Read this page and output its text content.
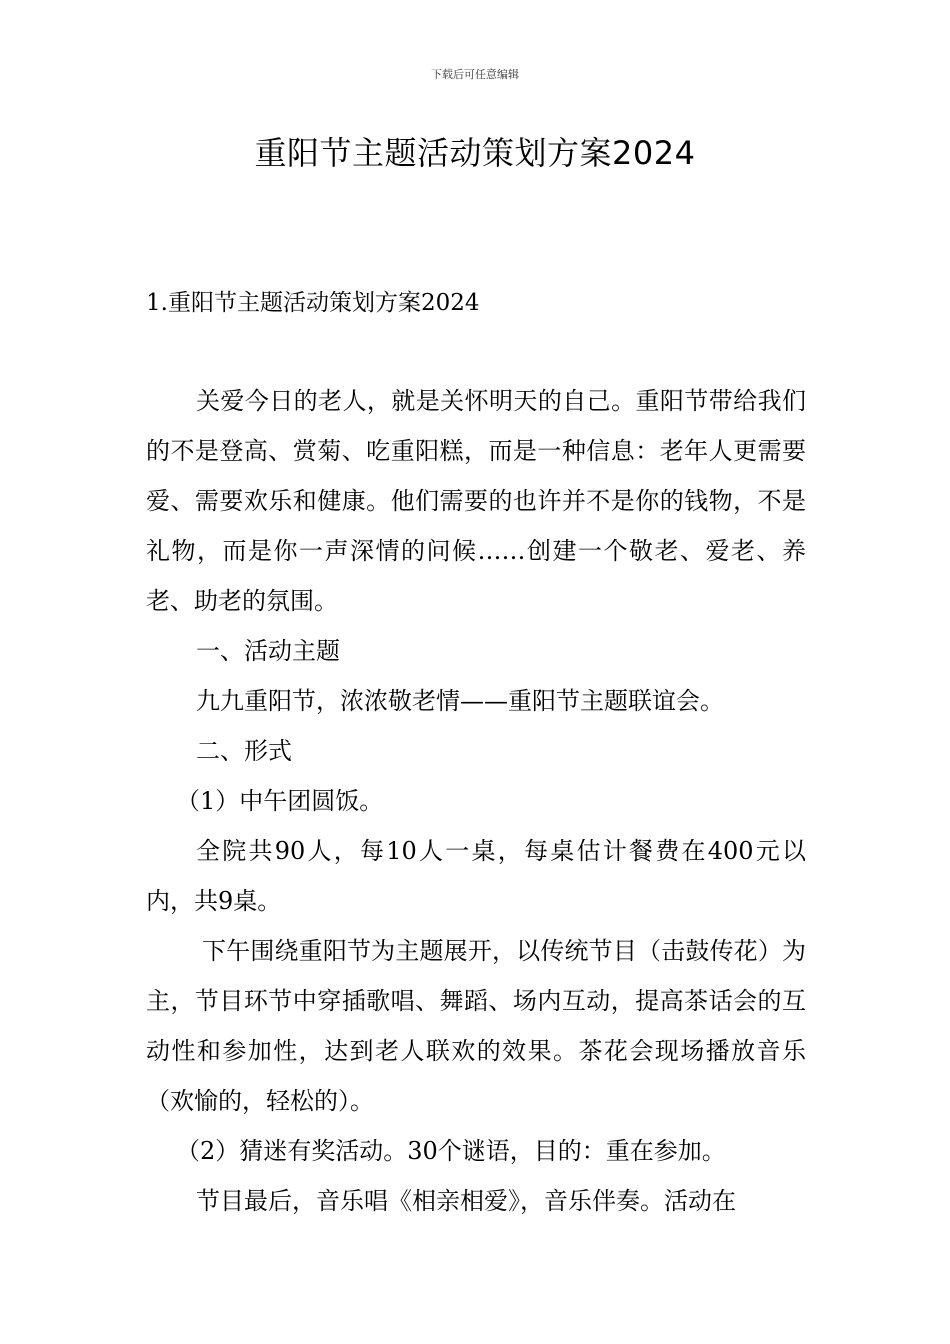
下载后可任意编辑
重阳节主题活动策划方案2024
1.重阳节主题活动策划方案2024

关爱今日的老人，就是关怀明天的自己。重阳节带给我们的不是登高、赏菊、吃重阳糕，而是一种信息：老年人更需要爱、需要欢乐和健康。他们需要的也许并不是你的钱物，不是礼物，而是你一声深情的问候……创建一个敬老、爱老、养老、助老的氛围。

一、活动主题

九九重阳节，浓浓敬老情——重阳节主题联谊会。

二、形式

（1）中午团圆饭。

全院共90人，每10人一桌，每桌估计餐费在400元以内，共9桌。

下午围绕重阳节为主题展开，以传统节目（击鼓传花）为主，节目环节中穿插歌唱、舞蹈、场内互动，提高茶话会的互动性和参加性，达到老人联欢的效果。茶花会现场播放音乐（欢愉的，轻松的）。

（2）猜迷有奖活动。30个谜语，目的：重在参加。

节目最后，音乐唱《相亲相爱》，音乐伴奏。活动在
